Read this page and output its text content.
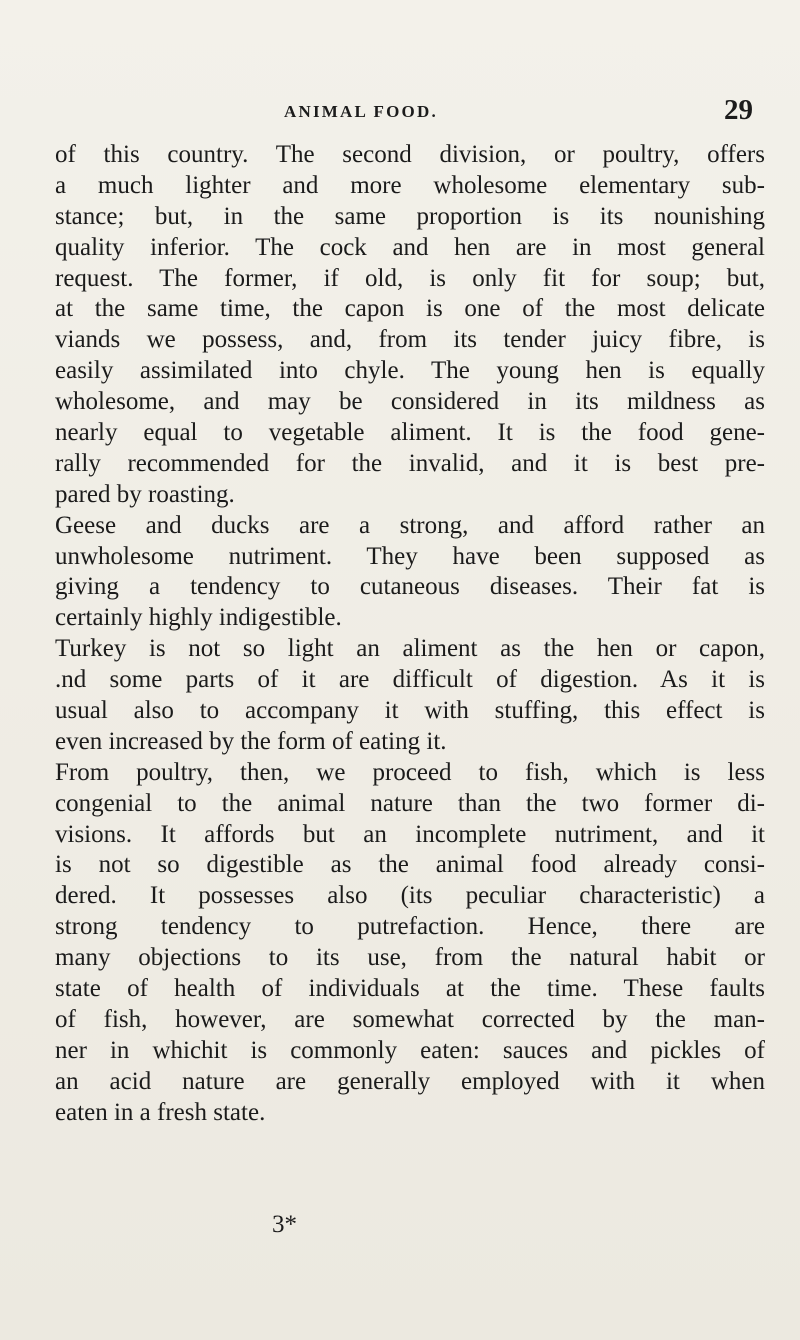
ANIMAL FOOD.	29
of this country. The second division, or poultry, offers
a much lighter and more wholesome elementary sub-
stance; but, in the same proportion is its nounishing
quality inferior. The cock and hen are in most general
request. The former, if old, is only fit for soup; but,
at the same time, the capon is one of the most delicate
viands we possess, and, from its tender juicy fibre, is
easily assimilated into chyle. The young hen is equally
wholesome, and may be considered in its mildness as
nearly equal to vegetable aliment. It is the food gene-
rally recommended for the invalid, and it is best pre-
pared by roasting.
Geese and ducks are a strong, and afford rather an
unwholesome nutriment. They have been supposed as
giving a tendency to cutaneous diseases. Their fat is
certainly highly indigestible.
Turkey is not so light an aliment as the hen or capon,
.nd some parts of it are difficult of digestion. As it is
usual also to accompany it with stuffing, this effect is
even increased by the form of eating it.
From poultry, then, we proceed to fish, which is less
congenial to the animal nature than the two former di-
visions. It affords but an incomplete nutriment, and it
is not so digestible as the animal food already consi-
dered. It possesses also (its peculiar characteristic) a
strong tendency to putrefaction. Hence, there are
many objections to its use, from the natural habit or
state of health of individuals at the time. These faults
of fish, however, are somewhat corrected by the man-
ner in whichit is commonly eaten: sauces and pickles of
an acid nature are generally employed with it when
eaten in a fresh state.
3*
